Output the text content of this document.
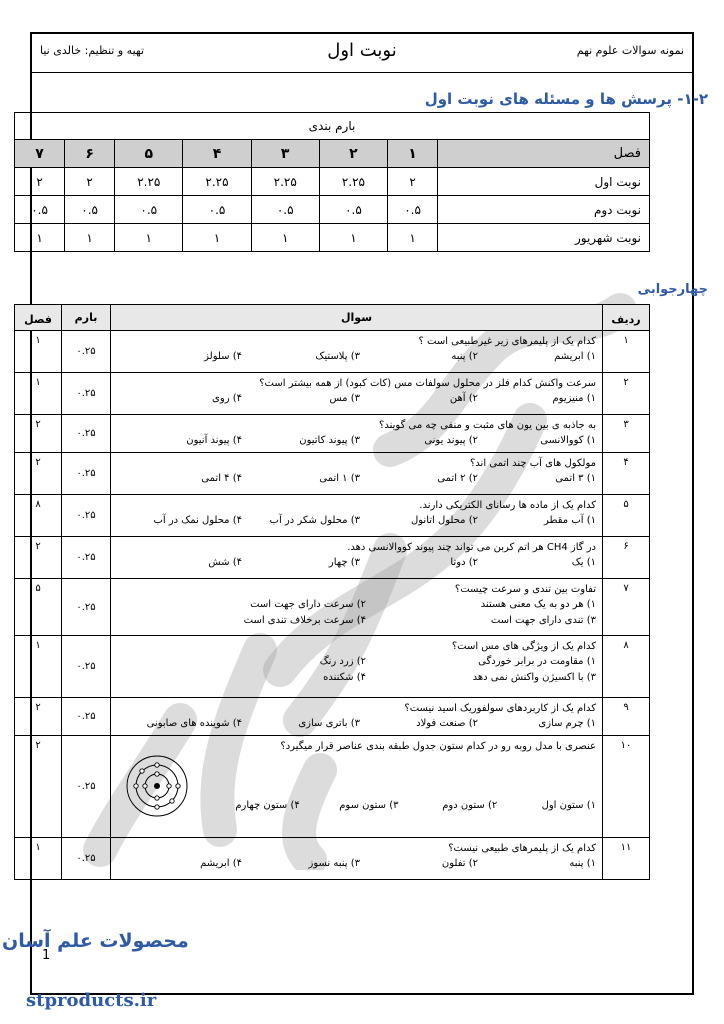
نمونه سوالات علوم نهم
نوبت اول
تهیه و تنظیم: خالدی نیا
۱-۲- پرسش ها و مسئله های نوبت اول
بارم بندی							
فصل	۱	۲	۳	۴	۵	۶	۷
نوبت اول	۲	۲.۲۵	۲.۲۵	۲.۲۵	۲.۲۵	۲	۲
نوبت دوم	۰.۵	۰.۵	۰.۵	۰.۵	۰.۵	۰.۵	۰.۵
نوبت شهریور	۱	۱	۱	۱	۱	۱	۱
چهارجوابی
ردیف	سوال	بارم	فصل
۱	کدام یک از پلیمرهای زیر غیرطبیعی است ؟
۱) ابریشم
۲) پنبه
۳) پلاستیک
۴) سلولز	۰.۲۵	۱
۲	سرعت واکنش کدام فلز در محلول سولفات مس (کات کبود) از همه بیشتر است؟
۱) منیزیوم
۲) آهن
۳) مس
۴) روی	۰.۲۵	۱
۳	به جاذبه ی بین یون های مثبت و منفی چه می گویند؟
۱) کووالانسی
۲) پیوند یونی
۳) پیوند کاتیون
۴) پیوند آنیون	۰.۲۵	۲
۴	مولکول های آب چند اتمی اند؟
۱) ۳ اتمی
۲) ۲ اتمی
۳) ۱ اتمی
۴) ۴ اتمی	۰.۲۵	۲
۵	کدام یک از ماده ها رسانای الکتریکی دارند.
۱) آب مقطر
۲) محلول اتانول
۳) محلول شکر در آب
۴) محلول نمک در آب	۰.۲۵	۸
۶	در گاز CH4 هر اتم کربن می تواند چند پیوند کووالانسی دهد.
۱) یک
۲) دوتا
۳) چهار
۴) شش	۰.۲۵	۲
۷	تفاوت بین تندی و سرعت چیست؟
۱) هر دو به یک معنی هستند
۲) سرعت دارای جهت است
۳) تندی دارای جهت است
۴) سرعت برخلاف تندی است	۰.۲۵	۵
۸	کدام یک از ویژگی های مس است؟
۱) مقاومت در برابر خوردگی
۲) زرد رنگ
۳) با اکسیژن واکنش نمی دهد
۴) شکننده	۰.۲۵	۱
۹	کدام یک از کاربردهای سولفوریک اسید نیست؟
۱) چرم سازی
۲) صنعت فولاد
۳) باتری سازی
۴) شوینده های صابونی	۰.۲۵	۲
۱۰	عنصری با مدل روبه رو در کدام ستون جدول طبقه بندی عناصر قرار میگیرد؟
۱) ستون اول
۲) ستون دوم
۳) ستون سوم
۴) ستون چهارم	۰.۲۵	۲
۱۱	کدام یک از پلیمرهای طبیعی نیست؟
۱) پنبه
۲) تفلون
۳) پنبه نسوز
۴) ابریشم	۰.۲۵	۱
1
محصولات علم آسان
stproducts.ir
